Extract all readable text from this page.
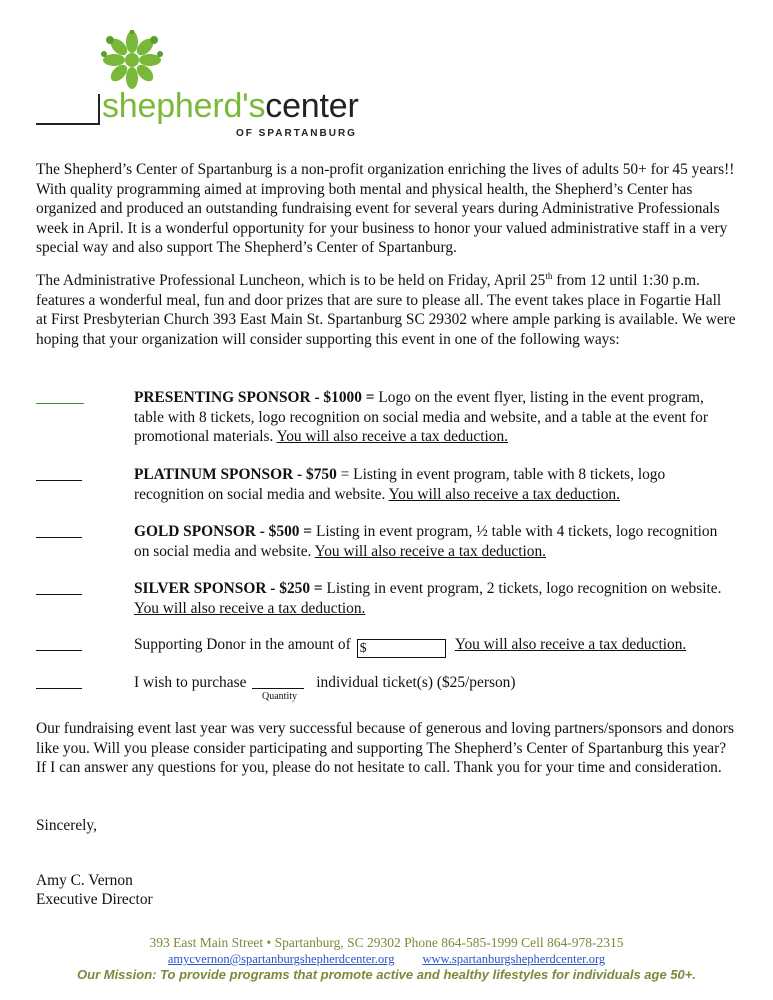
shepherd'scenter
OF SPARTANBURG

The Shepherd’s Center of Spartanburg is a non-profit organization enriching the lives of adults 50+ for 45 years!! With quality programming aimed at improving both mental and physical health, the Shepherd’s Center has organized and produced an outstanding fundraising event for several years during Administrative Professionals week in April. It is a wonderful opportunity for your business to honor your valued administrative staff in a very special way and also support The Shepherd’s Center of Spartanburg.

The Administrative Professional Luncheon, which is to be held on Friday, April 25th from 12 until 1:30 p.m. features a wonderful meal, fun and door prizes that are sure to please all. The event takes place in Fogartie Hall at First Presbyterian Church 393 East Main St. Spartanburg SC 29302 where ample parking is available. We were hoping that your organization will consider supporting this event in one of the following ways:

PRESENTING SPONSOR - $1000 = Logo on the event flyer, listing in the event program, table with 8 tickets, logo recognition on social media and website, and a table at the event for promotional materials. You will also receive a tax deduction.
PLATINUM SPONSOR - $750 = Listing in event program, table with 8 tickets, logo recognition on social media and website. You will also receive a tax deduction.
GOLD SPONSOR - $500 = Listing in event program, ½ table with 4 tickets, logo recognition on social media and website. You will also receive a tax deduction.
SILVER SPONSOR - $250 = Listing in event program, 2 tickets, logo recognition on website. You will also receive a tax deduction.
Supporting Donor in the amount of $	You will also receive a tax deduction.
I wish to purchase	individual ticket(s) ($25/person)
Quantity

Our fundraising event last year was very successful because of generous and loving partners/sponsors and donors like you. Will you please consider participating and supporting The Shepherd’s Center of Spartanburg this year? If I can answer any questions for you, please do not hesitate to call. Thank you for your time and consideration.

Sincerely,
Amy C. Vernon
Executive Director
393 East Main Street • Spartanburg, SC 29302 Phone 864-585-1999 Cell 864-978-2315
amycvernon@spartanburgshepherdcenter.org www.spartanburgshepherdcenter.org
Our Mission: To provide programs that promote active and healthy lifestyles for individuals age 50+.
